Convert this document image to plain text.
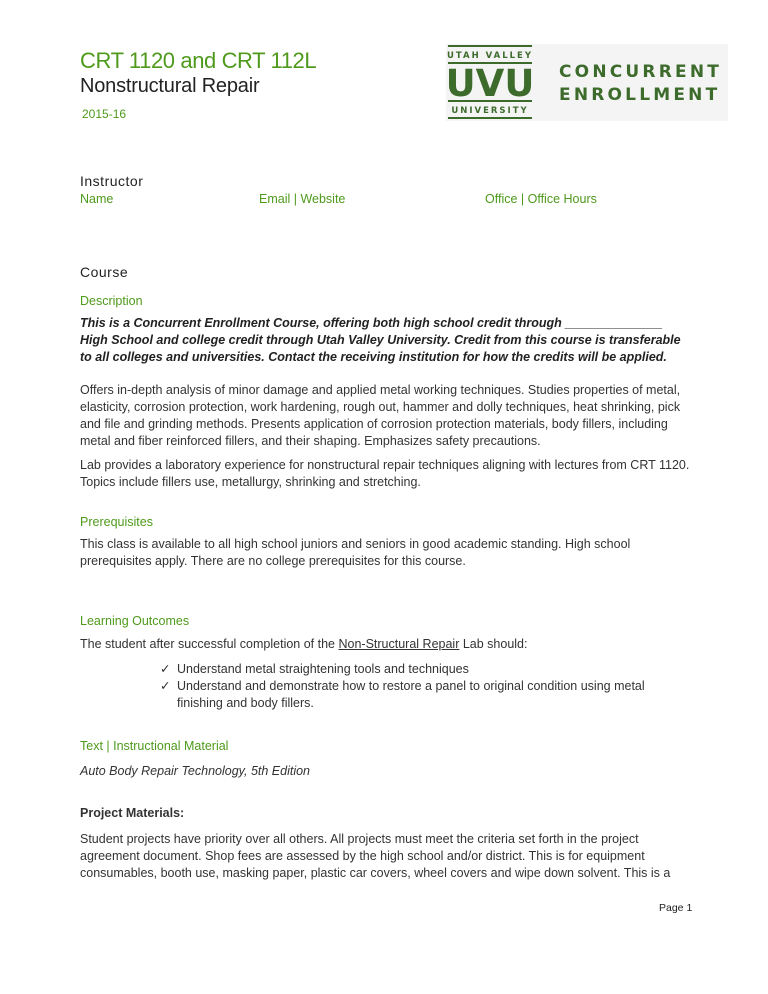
CRT 1120 and CRT 112L
Nonstructural Repair
2015-16
UTAH VALLEY
UVU
UNIVERSITY
CONCURRENT
ENROLLMENT
Instructor
Name	Email | Website	Office | Office Hours
Course
Description
This is a Concurrent Enrollment Course, offering both high school credit through ______________ High School and college credit through Utah Valley University. Credit from this course is transferable to all colleges and universities. Contact the receiving institution for how the credits will be applied.
Offers in-depth analysis of minor damage and applied metal working techniques. Studies properties of metal, elasticity, corrosion protection, work hardening, rough out, hammer and dolly techniques, heat shrinking, pick and file and grinding methods. Presents application of corrosion protection materials, body fillers, including metal and fiber reinforced fillers, and their shaping. Emphasizes safety precautions.
Lab provides a laboratory experience for nonstructural repair techniques aligning with lectures from CRT 1120. Topics include fillers use, metallurgy, shrinking and stretching.
Prerequisites
This class is available to all high school juniors and seniors in good academic standing. High school prerequisites apply. There are no college prerequisites for this course.
Learning Outcomes
The student after successful completion of the Non-Structural Repair Lab should:
✓ Understand metal straightening tools and techniques
✓ Understand and demonstrate how to restore a panel to original condition using metal finishing and body fillers.
Text | Instructional Material
Auto Body Repair Technology, 5th Edition
Project Materials:
Student projects have priority over all others. All projects must meet the criteria set forth in the project agreement document. Shop fees are assessed by the high school and/or district. This is for equipment consumables, booth use, masking paper, plastic car covers, wheel covers and wipe down solvent. This is a
Page 1
